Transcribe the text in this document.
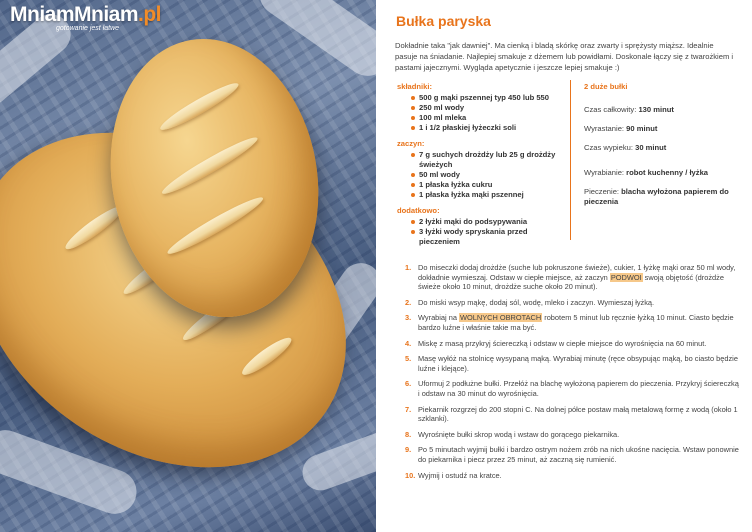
MniamMniam.pl
gotowanie jest łatwe	Bułka paryska

Dokładnie taka "jak dawniej". Ma cienką i bladą skórkę oraz zwarty i sprężysty miąższ. Idealnie pasuje na śniadanie. Najlepiej smakuje z dżemem lub powidłami. Doskonale łączy się z twarożkiem i pastami jajecznymi. Wygląda apetycznie i jeszcze lepiej smakuje :)

składniki:

500 g mąki pszennej typ 450 lub 550
250 ml wody
100 ml mleka
1 i 1/2 płaskiej łyżeczki soli

zaczyn:

7 g suchych drożdży lub 25 g drożdży świeżych
50 ml wody
1 płaska łyżka cukru
1 płaska łyżka mąki pszennej

dodatkowo:

2 łyżki mąki do podsypywania
3 łyżki wody spryskania przed pieczeniem

2 duże bułki

Czas całkowity: 130 minut

Wyrastanie: 90 minut

Czas wypieku: 30 minut

Wyrabianie: robot kuchenny / łyżka

Pieczenie: blacha wyłożona papierem do pieczenia

1. Do miseczki dodaj drożdże (suche lub pokruszone świeże), cukier, 1 łyżkę mąki oraz 50 ml wody, dokładnie wymieszaj. Odstaw w ciepłe miejsce, aż zaczyn PODWOI swoją objętość (drożdże świeże około 10 minut, drożdże suche około 20 minut).
2. Do miski wsyp mąkę, dodaj sól, wodę, mleko i zaczyn. Wymieszaj łyżką.
3. Wyrabiaj na WOLNYCH OBROTACH robotem 5 minut lub ręcznie łyżką 10 minut. Ciasto będzie bardzo luźne i właśnie takie ma być.
4. Miskę z masą przykryj ściereczką i odstaw w ciepłe miejsce do wyrośnięcia na 60 minut.
5. Masę wyłóż na stolnicę wysypaną mąką. Wyrabiaj minutę (ręce obsypując mąką, bo ciasto będzie luźne i klejące).
6. Uformuj 2 podłużne bułki. Przełóż na blachę wyłożoną papierem do pieczenia. Przykryj ściereczką i odstaw na 30 minut do wyrośnięcia.
7. Piekarnik rozgrzej do 200 stopni C. Na dolnej półce postaw małą metalową formę z wodą (około 1 szklanki).
8. Wyrośnięte bułki skrop wodą i wstaw do gorącego piekarnika.
9. Po 5 minutach wyjmij bułki i bardzo ostrym nożem zrób na nich ukośne nacięcia. Wstaw ponownie do piekarnika i piecz przez 25 minut, aż zaczną się rumienić.
10. Wyjmij i ostudź na kratce.
